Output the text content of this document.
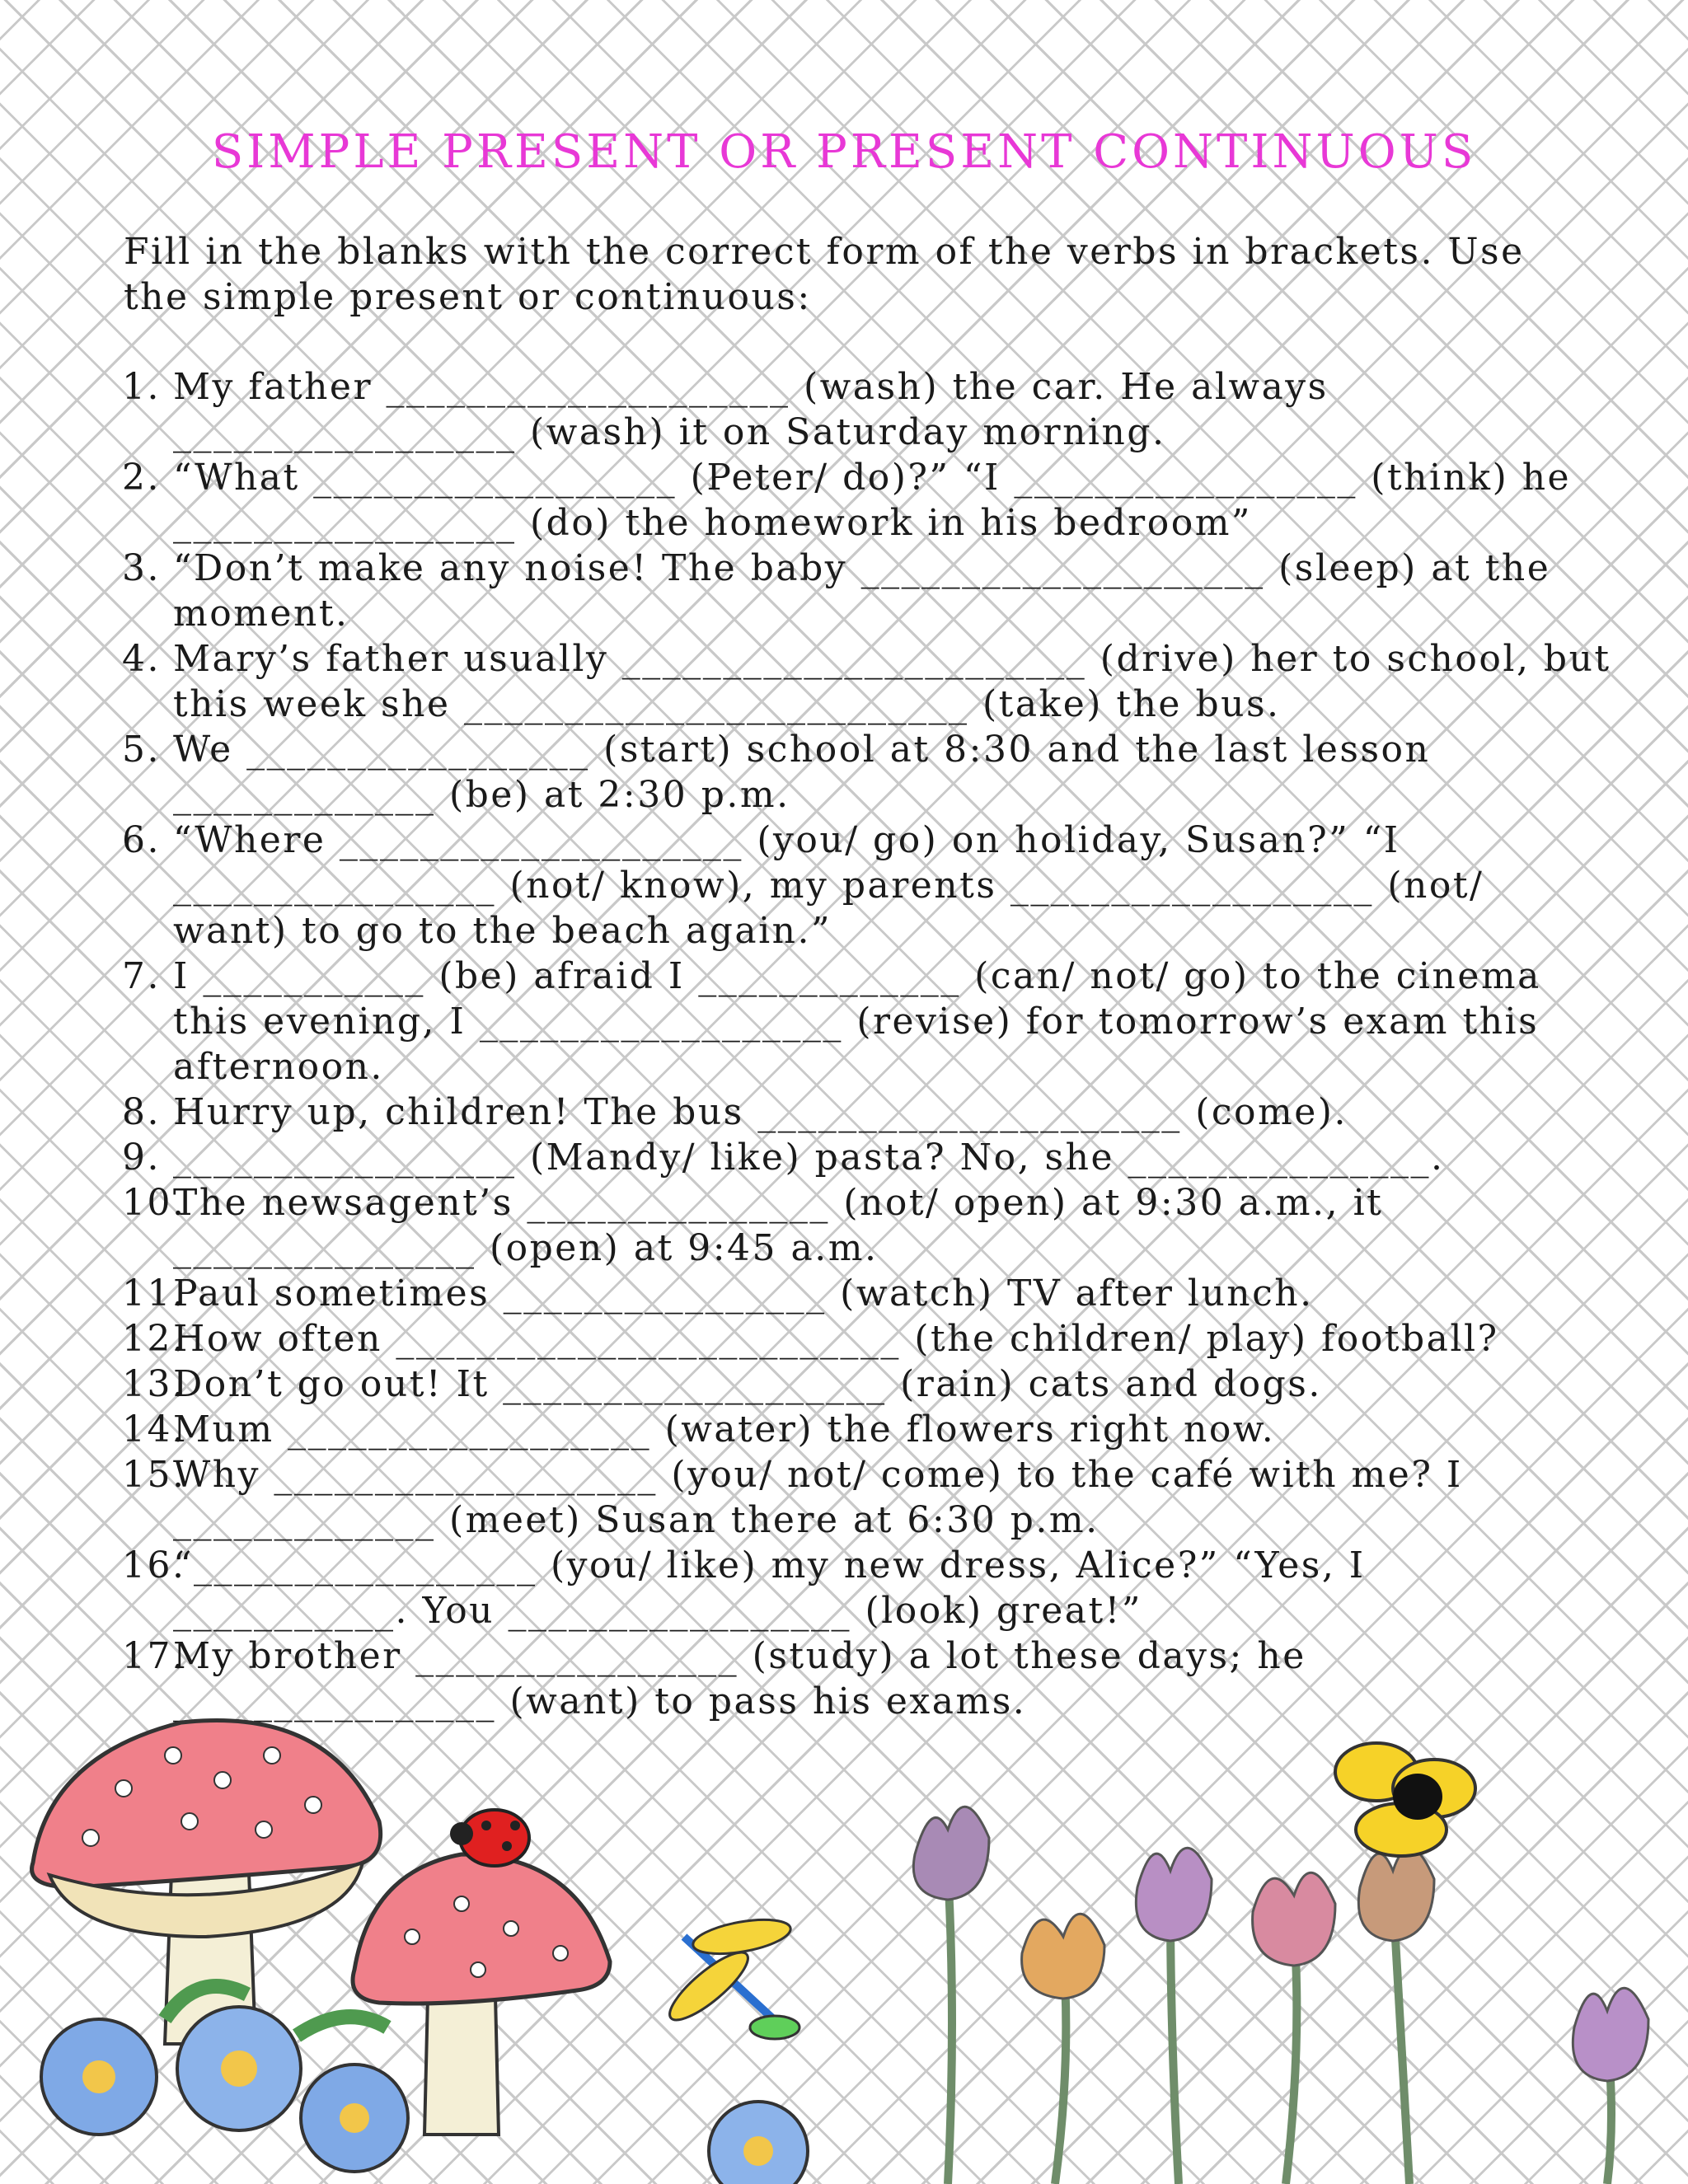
SIMPLE PRESENT OR PRESENT CONTINUOUS

Fill in the blanks with the correct form of the verbs in brackets. Use the simple present or continuous:

1. My father ____________________ (wash) the car. He always
_________________ (wash) it on Saturday morning.
2. “What __________________ (Peter/ do)?” “I _________________ (think) he
_________________ (do) the homework in his bedroom”
3. “Don’t make any noise! The baby ____________________ (sleep) at the
moment.
4. Mary’s father usually _______________________ (drive) her to school, but
this week she _________________________ (take) the bus.
5. We _________________ (start) school at 8:30 and the last lesson
_____________ (be) at 2:30 p.m.
6. “Where ____________________ (you/ go) on holiday, Susan?” “I
________________ (not/ know), my parents __________________ (not/
want) to go to the beach again.”
7. I ___________ (be) afraid I _____________ (can/ not/ go) to the cinema
this evening, I __________________ (revise) for tomorrow’s exam this
afternoon.
8. Hurry up, children! The bus _____________________ (come).
9. _________________ (Mandy/ like) pasta? No, she _______________.
10.
The newsagent’s _______________ (not/ open) at 9:30 a.m., it
_______________ (open) at 9:45 a.m.
11.
Paul sometimes ________________ (watch) TV after lunch.
12.
How often _________________________ (the children/ play) football?
13.
Don’t go out! It ___________________ (rain) cats and dogs.
14.
Mum __________________ (water) the flowers right now.
15.
Why ___________________ (you/ not/ come) to the café with me? I
_____________ (meet) Susan there at 6:30 p.m.
16.
“_________________ (you/ like) my new dress, Alice?” “Yes, I
___________. You _________________ (look) great!”
17.
My brother ________________ (study) a lot these days; he
________________ (want) to pass his exams.
